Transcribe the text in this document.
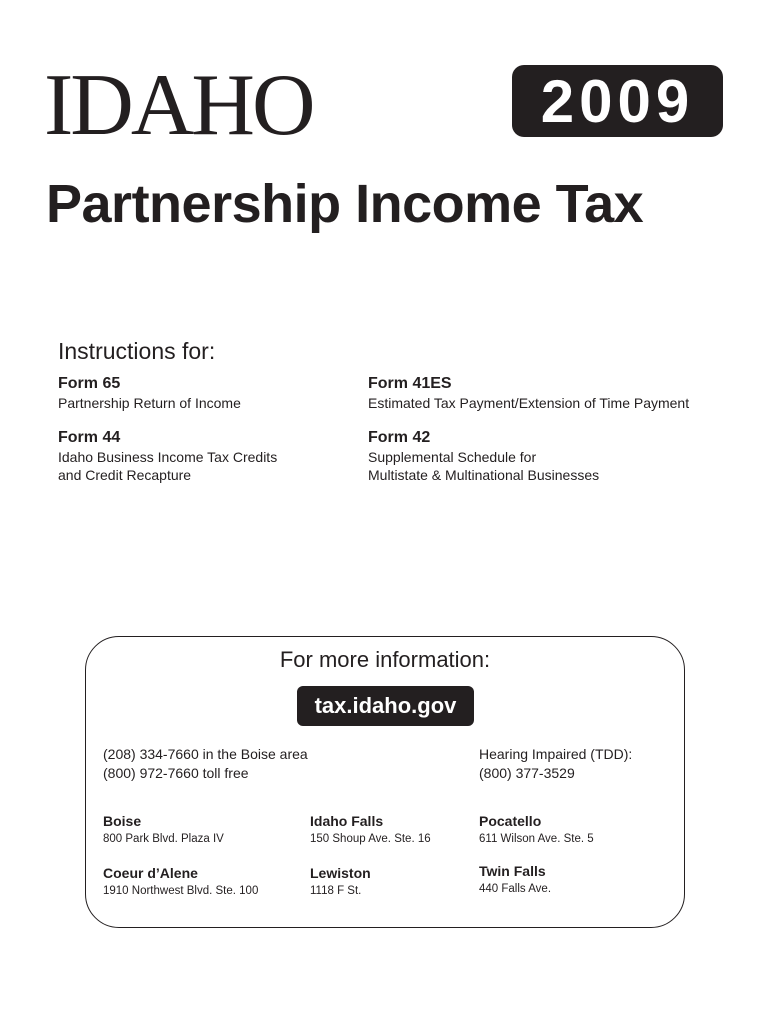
IDAHO	2009
Partnership Income Tax
Instructions for:
Form 65
Partnership Return of Income
Form 41ES
Estimated Tax Payment/Extension of Time Payment
Form 44
Idaho Business Income Tax Credits
and Credit Recapture
Form 42
Supplemental Schedule for
Multistate & Multinational Businesses
For more information:
tax.idaho.gov
(208) 334-7660 in the Boise area
(800) 972-7660 toll free
Hearing Impaired (TDD):
(800) 377-3529
Boise
800 Park Blvd. Plaza IV
Idaho Falls
150 Shoup Ave. Ste. 16
Pocatello
611 Wilson Ave. Ste. 5
Coeur d’Alene
1910 Northwest Blvd. Ste. 100
Lewiston
1118 F St.
Twin Falls
440 Falls Ave.
